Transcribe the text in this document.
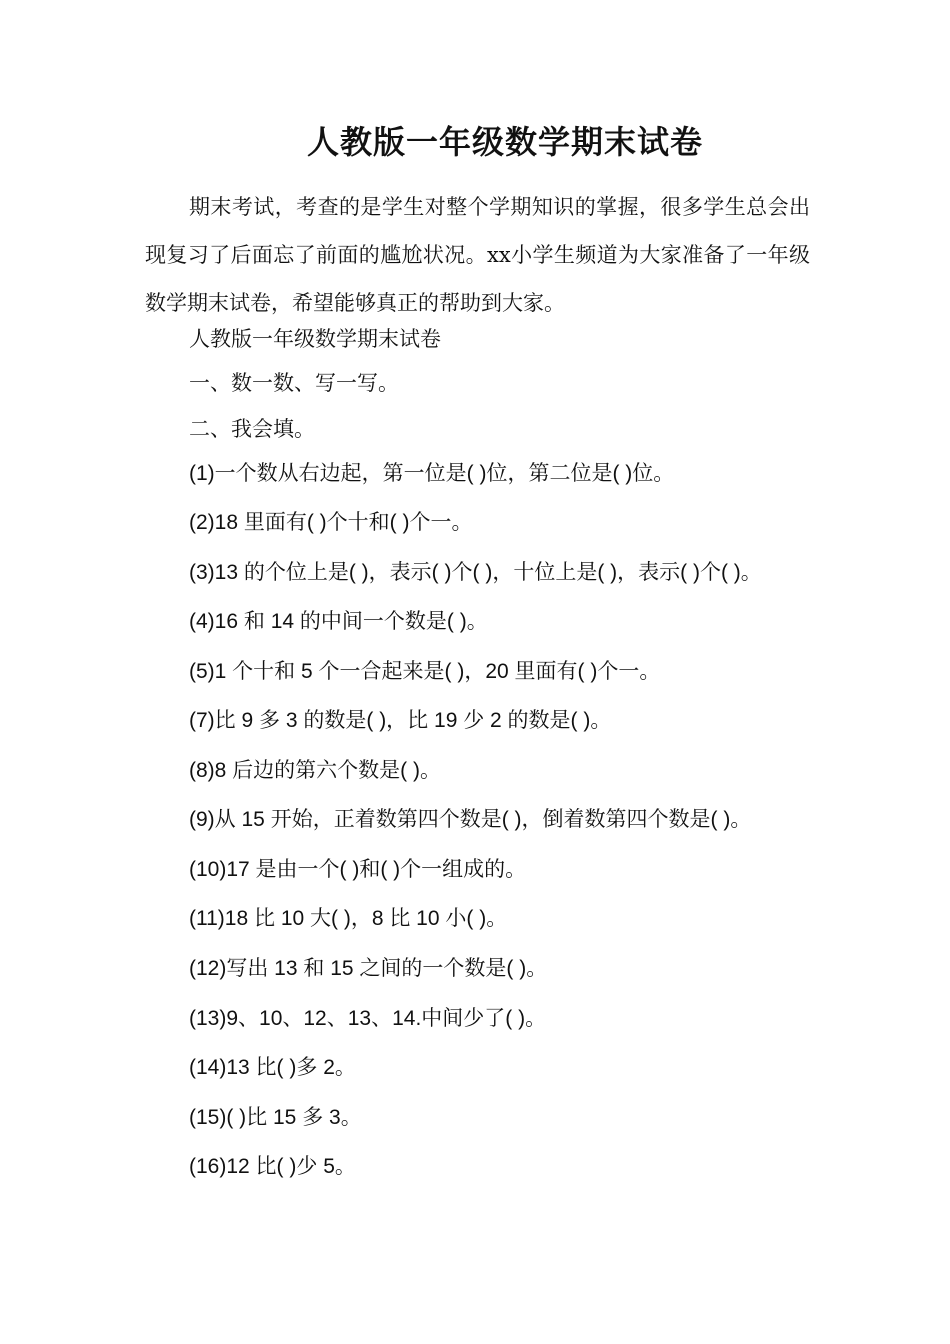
人教版一年级数学期末试卷

期末考试，考查的是学生对整个学期知识的掌握，很多学生总会出现复习了后面忘了前面的尴尬状况。xx小学生频道为大家准备了一年级数学期末试卷，希望能够真正的帮助到大家。

人教版一年级数学期末试卷

一、数一数、写一写。

二、我会填。

(1)一个数从右边起，第一位是( )位，第二位是( )位。

(2)18 里面有( )个十和( )个一。

(3)13 的个位上是( )，表示( )个( )，十位上是( )，表示( )个( )。

(4)16 和 14 的中间一个数是( )。

(5)1 个十和 5 个一合起来是( )，20 里面有( )个一。

(7)比 9 多 3 的数是( )，比 19 少 2 的数是( )。

(8)8 后边的第六个数是( )。

(9)从 15 开始，正着数第四个数是( )，倒着数第四个数是( )。

(10)17 是由一个( )和( )个一组成的。

(11)18 比 10 大( )，8 比 10 小( )。

(12)写出 13 和 15 之间的一个数是( )。

(13)9、10、12、13、14.中间少了( )。

(14)13 比( )多 2。

(15)( )比 15 多 3。

(16)12 比( )少 5。
